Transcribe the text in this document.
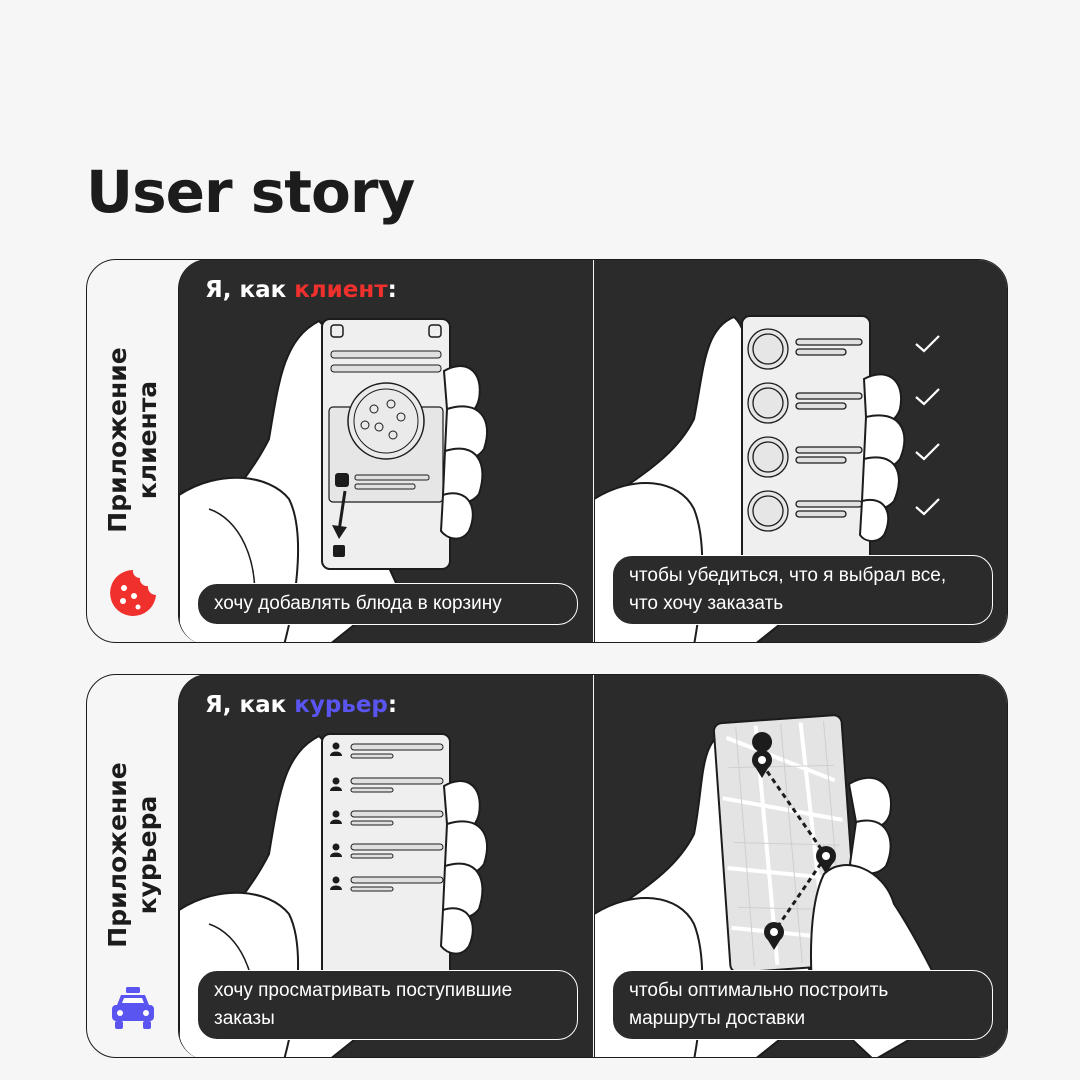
User story
Приложение клиента
Я, как клиент:
хочу добавлять блюда в корзину
чтобы убедиться, что я выбрал все, что хочу заказать
Приложение курьера
Я, как курьер:
хочу просматривать поступившие заказы
чтобы оптимально построить маршруты доставки
